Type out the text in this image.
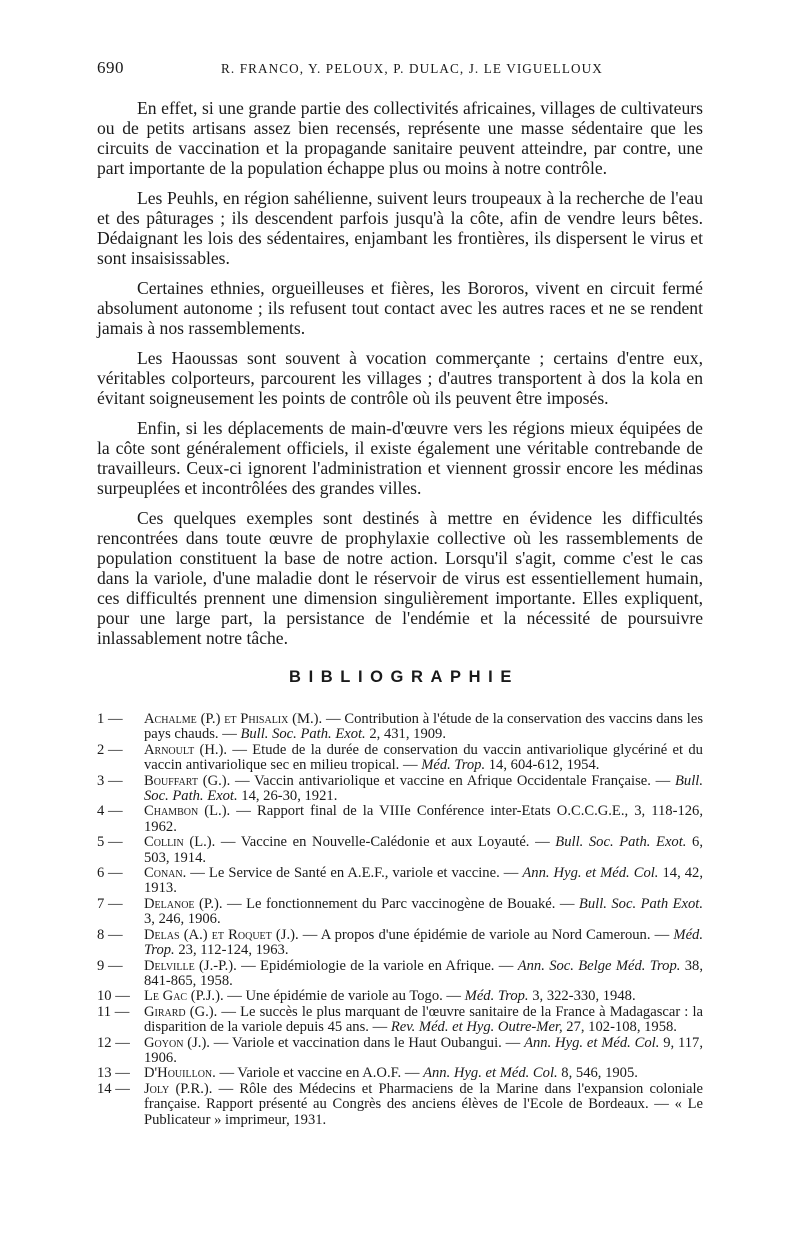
690	R. FRANCO, Y. PELOUX, P. DULAC, J. LE VIGUELLOUX

En effet, si une grande partie des collectivités africaines, villages de cultivateurs ou de petits artisans assez bien recensés, représente une masse sédentaire que les circuits de vaccination et la propagande sanitaire peuvent atteindre, par contre, une part importante de la population échappe plus ou moins à notre contrôle.

Les Peuhls, en région sahélienne, suivent leurs troupeaux à la recherche de l'eau et des pâturages ; ils descendent parfois jusqu'à la côte, afin de vendre leurs bêtes. Dédaignant les lois des sédentaires, enjambant les frontières, ils dispersent le virus et sont insaisissables.

Certaines ethnies, orgueilleuses et fières, les Bororos, vivent en circuit fermé absolument autonome ; ils refusent tout contact avec les autres races et ne se rendent jamais à nos rassemblements.

Les Haoussas sont souvent à vocation commerçante ; certains d'entre eux, véritables colporteurs, parcourent les villages ; d'autres transportent à dos la kola en évitant soigneusement les points de contrôle où ils peuvent être imposés.

Enfin, si les déplacements de main-d'œuvre vers les régions mieux équipées de la côte sont généralement officiels, il existe également une véritable contrebande de travailleurs. Ceux-ci ignorent l'administration et viennent grossir encore les médinas surpeuplées et incontrôlées des grandes villes.

Ces quelques exemples sont destinés à mettre en évidence les difficultés rencontrées dans toute œuvre de prophylaxie collective où les rassemblements de population constituent la base de notre action. Lorsqu'il s'agit, comme c'est le cas dans la variole, d'une maladie dont le réservoir de virus est essentiellement humain, ces difficultés prennent une dimension singulièrement importante. Elles expliquent, pour une large part, la persistance de l'endémie et la nécessité de poursuivre inlassablement notre tâche.

BIBLIOGRAPHIE
1 —	Achalme (P.) et Phisalix (M.). — Contribution à l'étude de la conservation des vaccins dans les pays chauds. — Bull. Soc. Path. Exot. 2, 431, 1909.
2 —	Arnoult (H.). — Etude de la durée de conservation du vaccin antivariolique glycériné et du vaccin antivariolique sec en milieu tropical. — Méd. Trop. 14, 604-612, 1954.
3 —	Bouffart (G.). — Vaccin antivariolique et vaccine en Afrique Occidentale Française. — Bull. Soc. Path. Exot. 14, 26-30, 1921.
4 —	Chambon (L.). — Rapport final de la VIIIe Conférence inter-Etats O.C.C.G.E., 3, 118-126, 1962.
5 —	Collin (L.). — Vaccine en Nouvelle-Calédonie et aux Loyauté. — Bull. Soc. Path. Exot. 6, 503, 1914.
6 —	Conan. — Le Service de Santé en A.E.F., variole et vaccine. — Ann. Hyg. et Méd. Col. 14, 42, 1913.
7 —	Delanoe (P.). — Le fonctionnement du Parc vaccinogène de Bouaké. — Bull. Soc. Path Exot. 3, 246, 1906.
8 —	Delas (A.) et Roquet (J.). — A propos d'une épidémie de variole au Nord Cameroun. — Méd. Trop. 23, 112-124, 1963.
9 —	Delville (J.-P.). — Epidémiologie de la variole en Afrique. — Ann. Soc. Belge Méd. Trop. 38, 841-865, 1958.
10 — Le Gac (P.J.). — Une épidémie de variole au Togo. — Méd. Trop. 3, 322-330, 1948.
11 —	Girard (G.). — Le succès le plus marquant de l'œuvre sanitaire de la France à Madagascar : la disparition de la variole depuis 45 ans. — Rev. Méd. et Hyg. Outre-Mer, 27, 102-108, 1958.
12 — Goyon (J.). — Variole et vaccination dans le Haut Oubangui. — Ann. Hyg. et Méd. Col. 9, 117, 1906.
13 — D'Houillon. — Variole et vaccine en A.O.F. — Ann. Hyg. et Méd. Col. 8, 546, 1905.
14 — Joly (P.R.). — Rôle des Médecins et Pharmaciens de la Marine dans l'expansion coloniale française. Rapport présenté au Congrès des anciens élèves de l'Ecole de Bordeaux. — « Le Publicateur » imprimeur, 1931.
